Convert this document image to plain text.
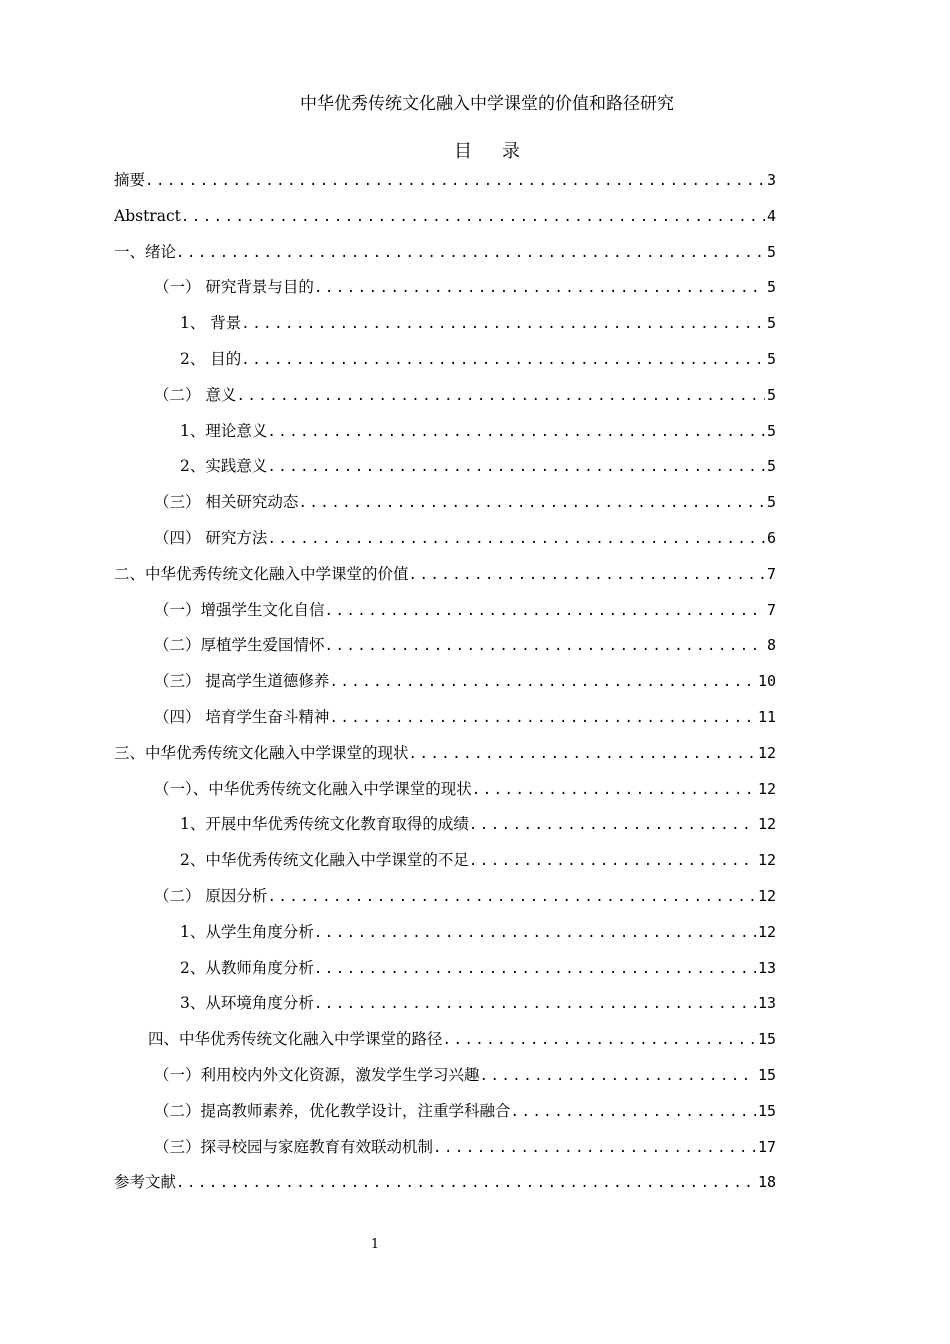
中华优秀传统文化融入中学课堂的价值和路径研究
目录
摘要 .....	3
Abstract .....	4
一、绪论 .....	5
（一） 研究背景与目的 .....	5
1、 背景 .....	5
2、 目的 .....	5
（二） 意义 .....	5
1、理论意义 .....	5
2、实践意义 .....	5
（三） 相关研究动态 .....	5
（四） 研究方法 .....	6
二、中华优秀传统文化融入中学课堂的价值 .....	7
（一）增强学生文化自信 .....	7
（二）厚植学生爱国情怀 .....	8
（三） 提高学生道德修养 .....	10
（四） 培育学生奋斗精神 .....	11
三、中华优秀传统文化融入中学课堂的现状 .....	12
（一）、中华优秀传统文化融入中学课堂的现状 .....	12
1、开展中华优秀传统文化教育取得的成绩 .....	12
2、中华优秀传统文化融入中学课堂的不足 .....	12
（二） 原因分析 .....	12
1、从学生角度分析 .....	12
2、从教师角度分析 .....	13
3、从环境角度分析 .....	13
四、中华优秀传统文化融入中学课堂的路径 .....	15
（一）利用校内外文化资源，激发学生学习兴趣 .....	15
（二）提高教师素养，优化教学设计，注重学科融合 .....	15
（三）探寻校园与家庭教育有效联动机制 .....	17
参考文献 .....	18
1
